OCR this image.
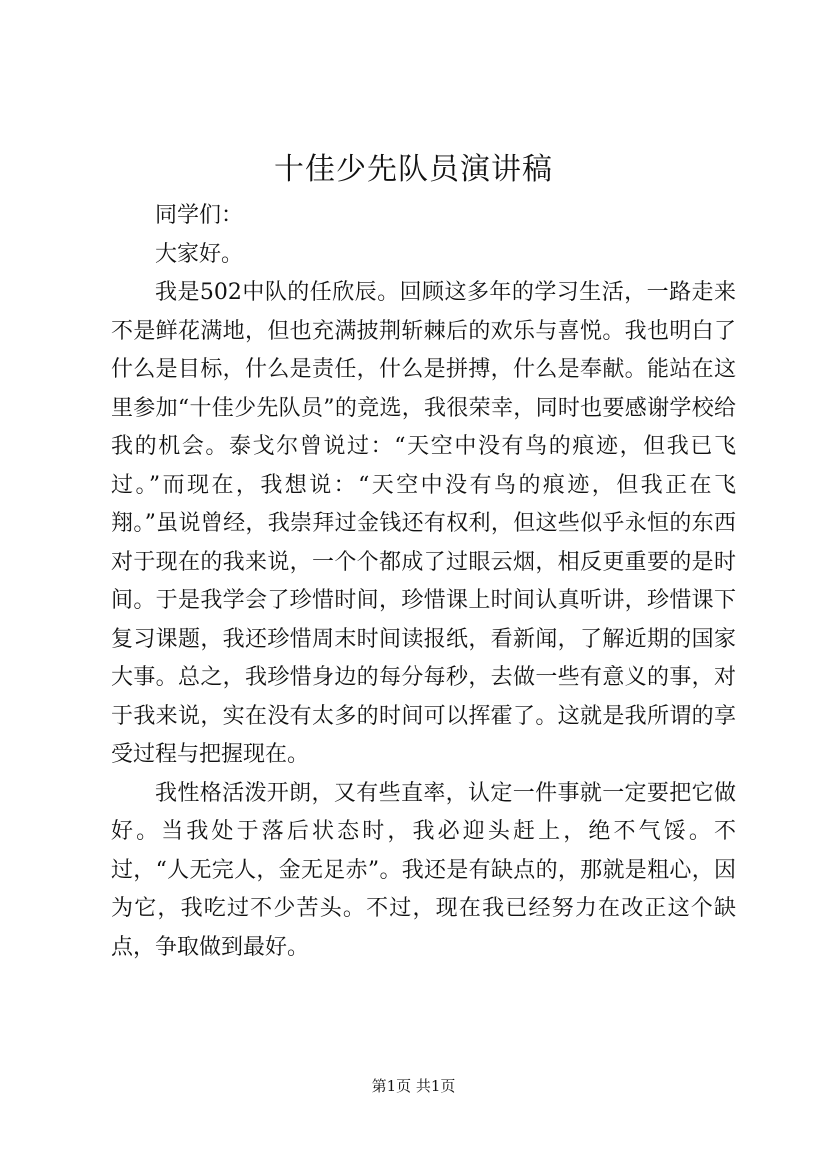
十佳少先队员演讲稿

同学们：

大家好。

我是502中队的任欣辰。回顾这多年的学习生活，一路走来不是鲜花满地，但也充满披荆斩棘后的欢乐与喜悦。我也明白了什么是目标，什么是责任，什么是拼搏，什么是奉献。能站在这里参加“十佳少先队员”的竞选，我很荣幸，同时也要感谢学校给我的机会。泰戈尔曾说过：“天空中没有鸟的痕迹，但我已飞过。”而现在，我想说：“天空中没有鸟的痕迹，但我正在飞翔。”虽说曾经，我崇拜过金钱还有权利，但这些似乎永恒的东西对于现在的我来说，一个个都成了过眼云烟，相反更重要的是时间。于是我学会了珍惜时间，珍惜课上时间认真听讲，珍惜课下复习课题，我还珍惜周末时间读报纸，看新闻，了解近期的国家大事。总之，我珍惜身边的每分每秒，去做一些有意义的事，对于我来说，实在没有太多的时间可以挥霍了。这就是我所谓的享受过程与把握现在。

我性格活泼开朗，又有些直率，认定一件事就一定要把它做好。当我处于落后状态时，我必迎头赶上，绝不气馁。不过，“人无完人，金无足赤”。我还是有缺点的，那就是粗心，因为它，我吃过不少苦头。不过，现在我已经努力在改正这个缺点，争取做到最好。

第1页 共1页
